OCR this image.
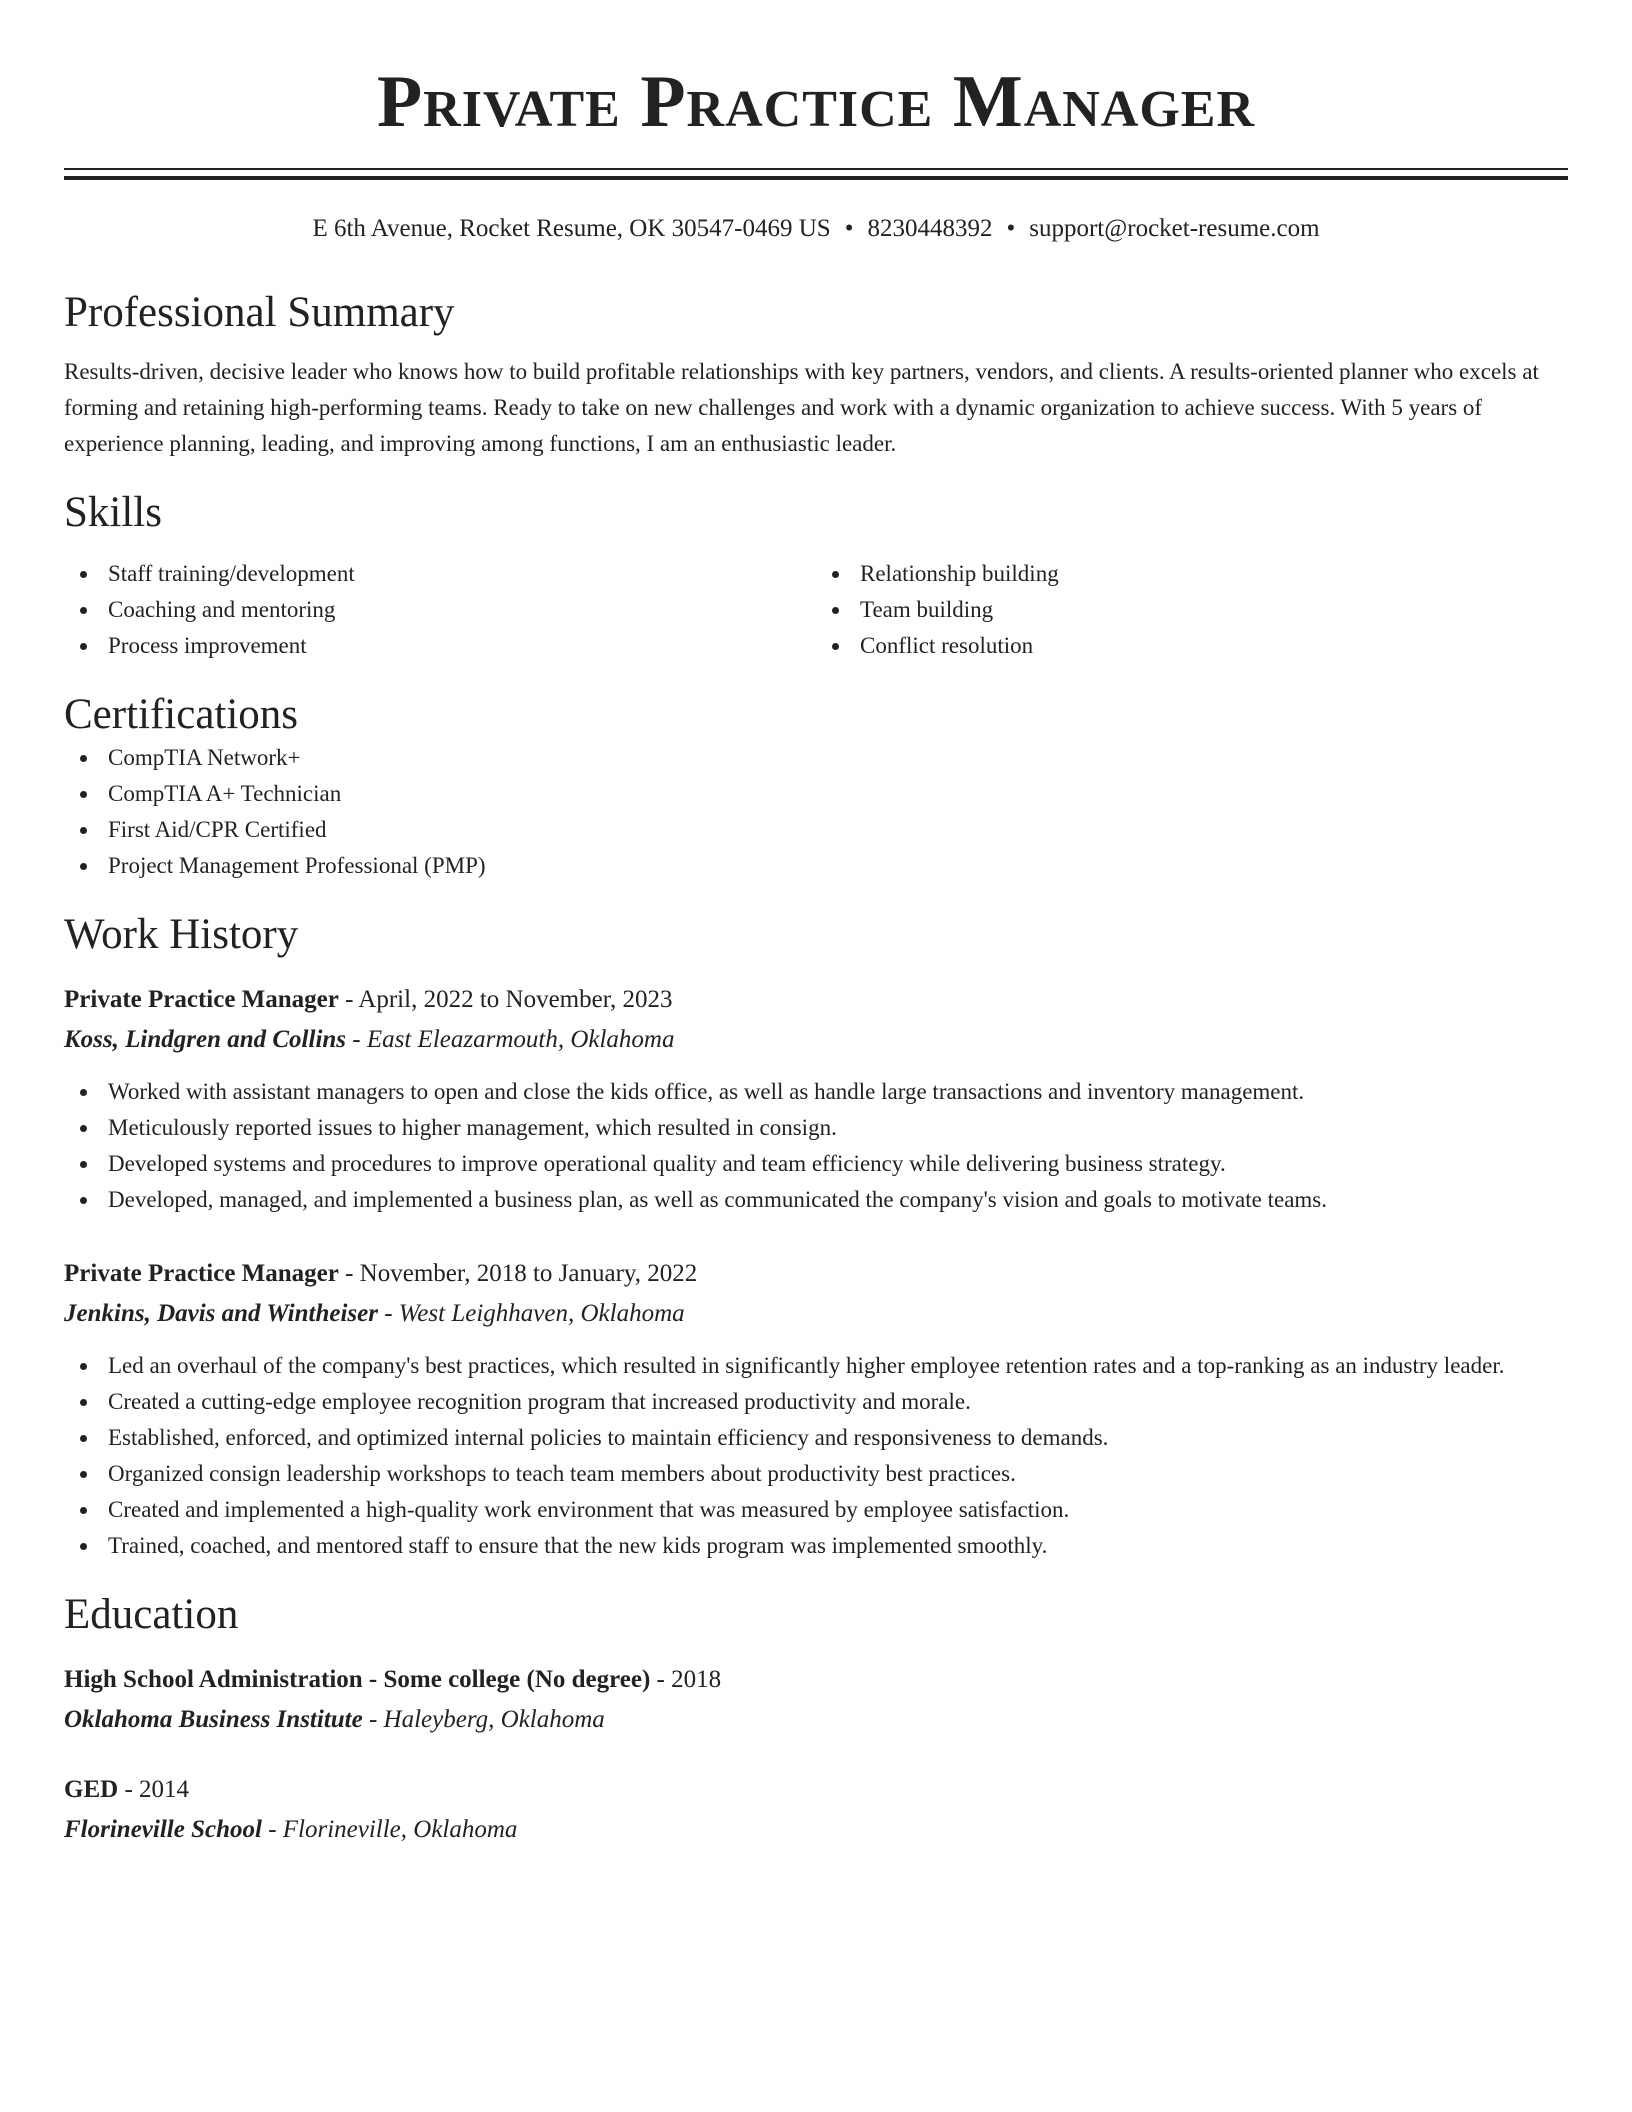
Private Practice Manager
E 6th Avenue, Rocket Resume, OK 30547-0469 US • 8230448392 • support@rocket-resume.com
Professional Summary
Results-driven, decisive leader who knows how to build profitable relationships with key partners, vendors, and clients. A results-oriented planner who excels at forming and retaining high-performing teams. Ready to take on new challenges and work with a dynamic organization to achieve success. With 5 years of experience planning, leading, and improving among functions, I am an enthusiastic leader.
Skills
Staff training/development
Coaching and mentoring
Process improvement
Relationship building
Team building
Conflict resolution
Certifications
CompTIA Network+
CompTIA A+ Technician
First Aid/CPR Certified
Project Management Professional (PMP)
Work History
Private Practice Manager - April, 2022 to November, 2023
Koss, Lindgren and Collins - East Eleazarmouth, Oklahoma
Worked with assistant managers to open and close the kids office, as well as handle large transactions and inventory management.
Meticulously reported issues to higher management, which resulted in consign.
Developed systems and procedures to improve operational quality and team efficiency while delivering business strategy.
Developed, managed, and implemented a business plan, as well as communicated the company's vision and goals to motivate teams.
Private Practice Manager - November, 2018 to January, 2022
Jenkins, Davis and Wintheiser - West Leighhaven, Oklahoma
Led an overhaul of the company's best practices, which resulted in significantly higher employee retention rates and a top-ranking as an industry leader.
Created a cutting-edge employee recognition program that increased productivity and morale.
Established, enforced, and optimized internal policies to maintain efficiency and responsiveness to demands.
Organized consign leadership workshops to teach team members about productivity best practices.
Created and implemented a high-quality work environment that was measured by employee satisfaction.
Trained, coached, and mentored staff to ensure that the new kids program was implemented smoothly.
Education
High School Administration - Some college (No degree) - 2018
Oklahoma Business Institute - Haleyberg, Oklahoma
GED - 2014
Florineville School - Florineville, Oklahoma
